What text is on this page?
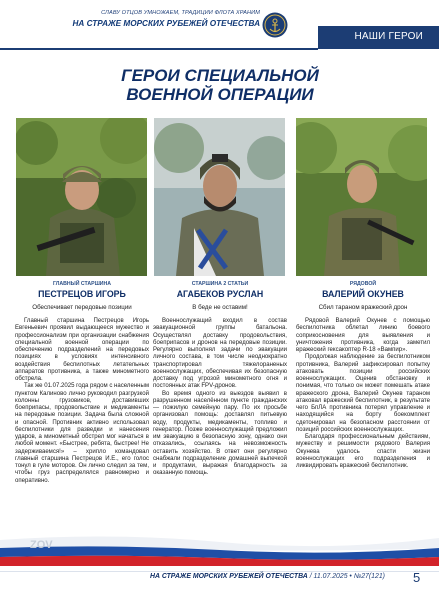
СЛАВУ ОТЦОВ УМНОЖАЕМ, ТРАДИЦИИ ФЛОТА ХРАНИМ
НА СТРАЖЕ МОРСКИХ РУБЕЖЕЙ ОТЕЧЕСТВА
НАШИ ГЕРОИ
ГЕРОИ СПЕЦИАЛЬНОЙ
ВОЕННОЙ ОПЕРАЦИИ
ГЛАВНЫЙ СТАРШИНА
ПЕСТРЕЦОВ ИГОРЬ
Обеспечивает передовые позиции
СТАРШИНА 2 СТАТЬИ
АГАБЕКОВ РУСЛАН
В беде не оставим!
РЯДОВОЙ
ВАЛЕРИЙ ОКУНЕВ
Сбил тараном вражеский дрон
ZOV

Главный старшина Пестрецов Игорь Евгеньевич проявил выдающееся мужество и профессионализм при организации снабжения специальной военной операции по обеспечению подразделений на передовых позициях в условиях интенсивного воздействия беспилотных летательных аппаратов противника, а также минометного обстрела.

Так же 01.07.2025 года рядом с населенным пунктом Калиново лично руководил разгрузкой колонны грузовиков, доставивших боеприпасы, продовольствие и медикаменты на передовые позиции. Задача была сложной и опасной. Противник активно использовал беспилотники для разведки и нанесения ударов, а минометный обстрел мог начаться в любой момент. «Быстрее, ребята, быстрее! Не задерживаемся!» – хрипло командовал главный старшина Пестрецов И.Е., его голос тонул в гуле моторов. Он лично следил за тем, чтобы груз распределялся равномерно и оперативно.

Военнослужащий входил в состав эвакуационной группы батальона. Осуществлял доставку продовольствия, боеприпасов и дронов на передовые позиции. Регулярно выполнял задачи по эвакуации личного состава, в том числе неоднократно транспортировал тяжелораненых военнослужащих, обеспечивая их безопасную доставку под угрозой минометного огня и постоянных атак FPV-дронов.

Во время одного из выездов выявил в разрушенном населённом пункте гражданских — пожилую семейную пару. По их просьбе организовал помощь: доставлял питьевую воду, продукты, медикаменты, топливо и генератор. Позже военнослужащий предложил им эвакуацию в безопасную зону, однако они отказались, ссылаясь на невозможность оставить хозяйство. В ответ они регулярно снабжали подразделение домашней выпечкой и продуктами, выражая благодарность за оказанную помощь.

Рядовой Валерий Окунев с помощью беспилотника облетал линию боевого соприкосновения для выявления и уничтожения противника, когда заметил вражеский гексакоптер R-18 «Вампир».

Продолжая наблюдение за беспилотником противника, Валерий зафиксировал попытку атаковать позиции российских военнослужащих. Оценив обстановку и понимая, что только он может помешать атаке вражеского дрона, Валерий Окунев тараном атаковал вражеский беспилотник, в результате чего БпЛА противника потерял управление и находящийся на борту боекомплект сдетонировал на безопасном расстоянии от позиций российских военнослужащих.

Благодаря профессиональным действиям, мужеству и решимости рядового Валерия Окунева удалось спасти жизни военнослужащих его подразделения и ликвидировать вражеский беспилотник.

НА СТРАЖЕ МОРСКИХ РУБЕЖЕЙ ОТЕЧЕСТВА / 11.07.2025 • №27(121) 5
